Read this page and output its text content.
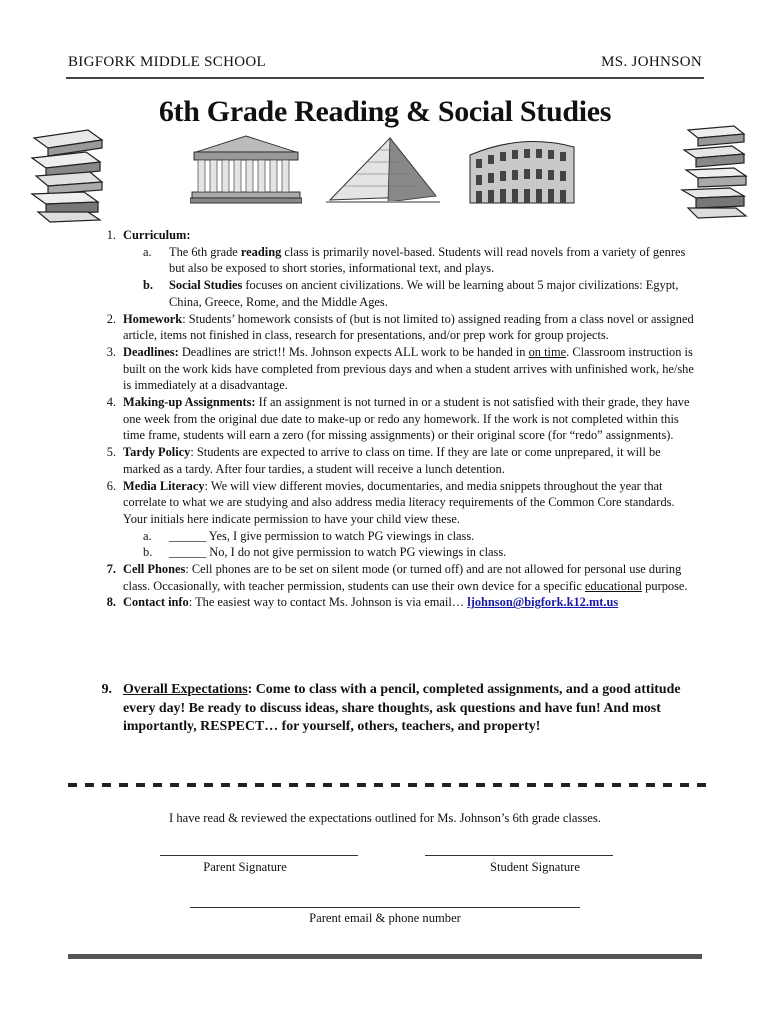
BIGFORK MIDDLE SCHOOL	MS. JOHNSON
6th Grade Reading & Social Studies
1. Curriculum:
a. The 6th grade reading class is primarily novel-based. Students will read novels from a variety of genres but also be exposed to short stories, informational text, and plays.
b. Social Studies focuses on ancient civilizations. We will be learning about 5 major civilizations: Egypt, China, Greece, Rome, and the Middle Ages.
2. Homework: Students’ homework consists of (but is not limited to) assigned reading from a class novel or assigned article, items not finished in class, research for presentations, and/or prep work for group projects.
3. Deadlines: Deadlines are strict!! Ms. Johnson expects ALL work to be handed in on time. Classroom instruction is built on the work kids have completed from previous days and when a student arrives with unfinished work, he/she is immediately at a disadvantage.
4. Making-up Assignments: If an assignment is not turned in or a student is not satisfied with their grade, they have one week from the original due date to make-up or redo any homework. If the work is not completed within this time frame, students will earn a zero (for missing assignments) or their original score (for “redo” assignments).
5. Tardy Policy: Students are expected to arrive to class on time. If they are late or come unprepared, it will be marked as a tardy. After four tardies, a student will receive a lunch detention.
6. Media Literacy: We will view different movies, documentaries, and media snippets throughout the year that correlate to what we are studying and also address media literacy requirements of the Common Core standards. Your initials here indicate permission to have your child view these.
a. ______ Yes, I give permission to watch PG viewings in class.
b. ______ No, I do not give permission to watch PG viewings in class.
7. Cell Phones: Cell phones are to be set on silent mode (or turned off) and are not allowed for personal use during class. Occasionally, with teacher permission, students can use their own device for a specific educational purpose.
8. Contact info: The easiest way to contact Ms. Johnson is via email… ljohnson@bigfork.k12.mt.us
9. Overall Expectations: Come to class with a pencil, completed assignments, and a good attitude every day! Be ready to discuss ideas, share thoughts, ask questions and have fun! And most importantly, RESPECT… for yourself, others, teachers, and property!
I have read & reviewed the expectations outlined for Ms. Johnson’s 6th grade classes.
Parent Signature	Student Signature
Parent email & phone number
